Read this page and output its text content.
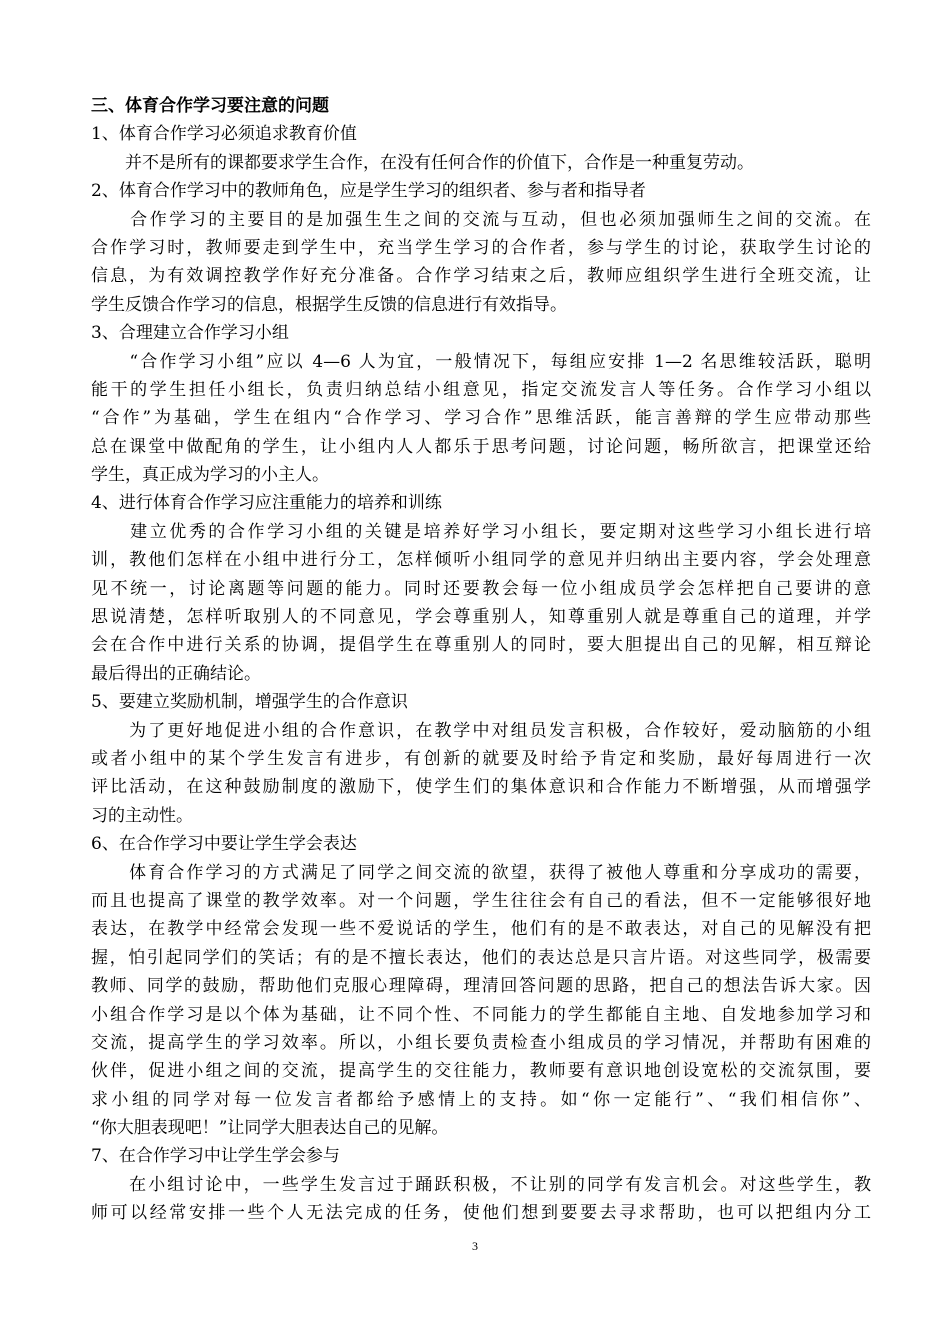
三、体育合作学习要注意的问题
1、体育合作学习必须追求教育价值
　　并不是所有的课都要求学生合作，在没有任何合作的价值下，合作是一种重复劳动。
2、体育合作学习中的教师角色，应是学生学习的组织者、参与者和指导者
　　合作学习的主要目的是加强生生之间的交流与互动，但也必须加强师生之间的交流。在
合作学习时，教师要走到学生中，充当学生学习的合作者，参与学生的讨论，获取学生讨论的
信息，为有效调控教学作好充分准备。合作学习结束之后，教师应组织学生进行全班交流，让
学生反馈合作学习的信息，根据学生反馈的信息进行有效指导。
3、合理建立合作学习小组
　　“合作学习小组”应以 4—6 人为宜，一般情况下，每组应安排 1—2 名思维较活跃，聪明
能干的学生担任小组长，负责归纳总结小组意见，指定交流发言人等任务。合作学习小组以
“合作”为基础，学生在组内“合作学习、学习合作”思维活跃，能言善辩的学生应带动那些
总在课堂中做配角的学生，让小组内人人都乐于思考问题，讨论问题，畅所欲言，把课堂还给
学生，真正成为学习的小主人。
4、进行体育合作学习应注重能力的培养和训练
　　建立优秀的合作学习小组的关键是培养好学习小组长，要定期对这些学习小组长进行培
训，教他们怎样在小组中进行分工，怎样倾听小组同学的意见并归纳出主要内容，学会处理意
见不统一，讨论离题等问题的能力。同时还要教会每一位小组成员学会怎样把自己要讲的意
思说清楚，怎样听取别人的不同意见，学会尊重别人，知尊重别人就是尊重自己的道理，并学
会在合作中进行关系的协调，提倡学生在尊重别人的同时，要大胆提出自己的见解，相互辩论
最后得出的正确结论。
5、要建立奖励机制，增强学生的合作意识
　　为了更好地促进小组的合作意识，在教学中对组员发言积极，合作较好，爱动脑筋的小组
或者小组中的某个学生发言有进步，有创新的就要及时给予肯定和奖励，最好每周进行一次
评比活动，在这种鼓励制度的激励下，使学生们的集体意识和合作能力不断增强，从而增强学
习的主动性。
6、在合作学习中要让学生学会表达
　　体育合作学习的方式满足了同学之间交流的欲望，获得了被他人尊重和分享成功的需要，
而且也提高了课堂的教学效率。对一个问题，学生往往会有自己的看法，但不一定能够很好地
表达，在教学中经常会发现一些不爱说话的学生，他们有的是不敢表达，对自己的见解没有把
握，怕引起同学们的笑话；有的是不擅长表达，他们的表达总是只言片语。对这些同学，极需要
教师、同学的鼓励，帮助他们克服心理障碍，理清回答问题的思路，把自己的想法告诉大家。因
小组合作学习是以个体为基础，让不同个性、不同能力的学生都能自主地、自发地参加学习和
交流，提高学生的学习效率。所以，小组长要负责检查小组成员的学习情况，并帮助有困难的
伙伴，促进小组之间的交流，提高学生的交往能力，教师要有意识地创设宽松的交流氛围，要
求小组的同学对每一位发言者都给予感情上的支持。如“你一定能行”、“我们相信你”、
“你大胆表现吧！”让同学大胆表达自己的见解。
7、在合作学习中让学生学会参与
　　在小组讨论中，一些学生发言过于踊跃积极，不让别的同学有发言机会。对这些学生，教
师可以经常安排一些个人无法完成的任务，使他们想到要要去寻求帮助，也可以把组内分工
3
